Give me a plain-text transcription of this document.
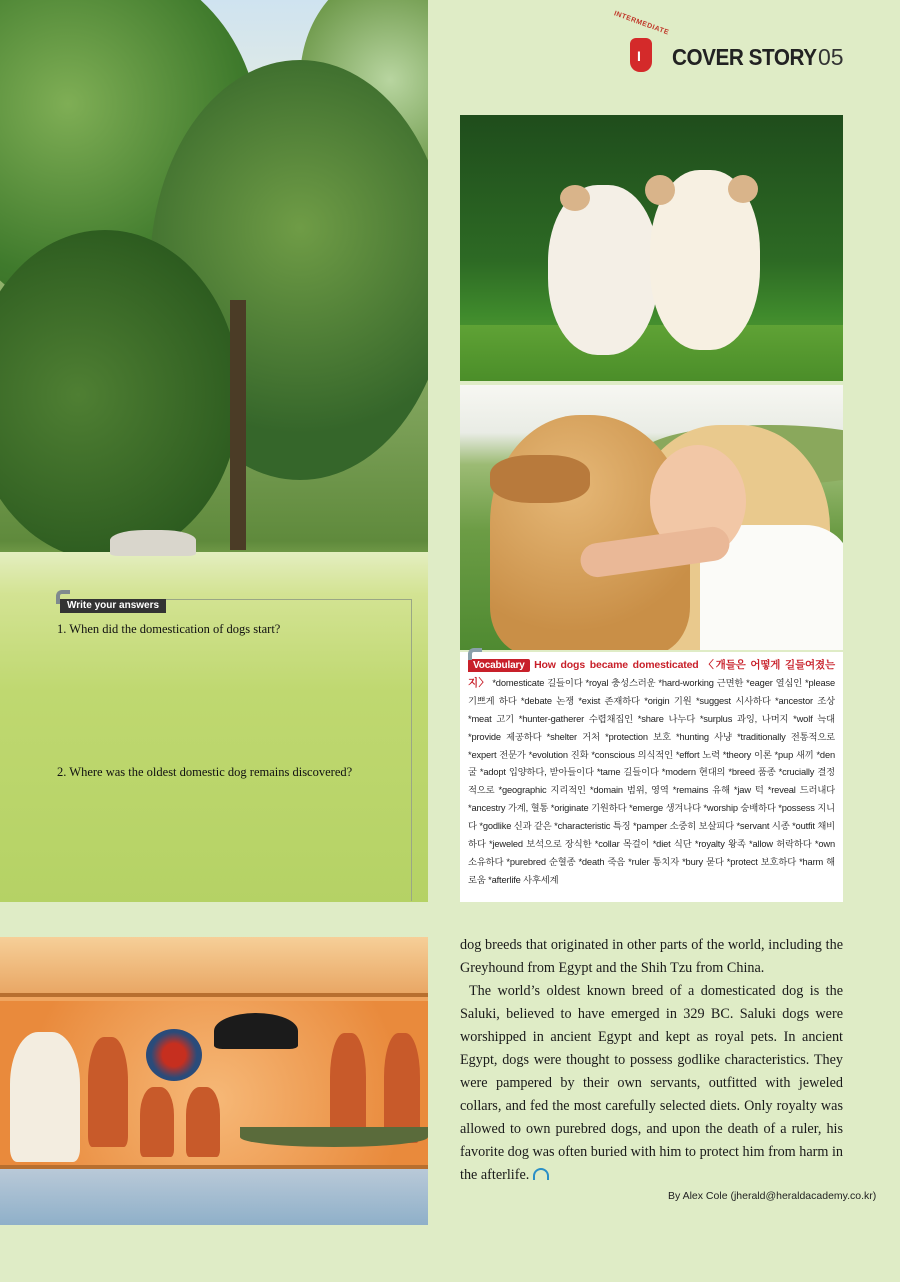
Write your answers
1. When did the domestication of dogs start?
2. Where was the oldest domestic dog remains discovered?
INTERMEDIATE
I
COVER STORY 05
Vocabulary How dogs became domesticated 〈개들은 어떻게 길들여졌는지〉 *domesticate 길들이다 *royal 충성스러운 *hard-working 근면한 *eager 열심인 *please 기쁘게 하다 *debate 논쟁 *exist 존재하다 *origin 기원 *suggest 시사하다 *ancestor 조상 *meat 고기 *hunter-gatherer 수렵채집인 *share 나누다 *surplus 과잉, 나머지 *wolf 늑대 *provide 제공하다 *shelter 거처 *protection 보호 *hunting 사냥 *traditionally 전통적으로 *expert 전문가 *evolution 진화 *conscious 의식적인 *effort 노력 *theory 이론 *pup 새끼 *den 굴 *adopt 입양하다, 받아들이다 *tame 길들이다 *modern 현대의 *breed 품종 *crucially 결정적으로 *geographic 지리적인 *domain 범위, 영역 *remains 유해 *jaw 턱 *reveal 드러내다 *ancestry 가계, 혈통 *originate 기원하다 *emerge 생겨나다 *worship 숭배하다 *possess 지니다 *godlike 신과 같은 *characteristic 특징 *pamper 소중히 보살피다 *servant 시종 *outfit 채비하다 *jeweled 보석으로 장식한 *collar 목걸이 *diet 식단 *royalty 왕족 *allow 허락하다 *own 소유하다 *purebred 순혈종 *death 죽음 *ruler 통치자 *bury 묻다 *protect 보호하다 *harm 해로움 *afterlife 사후세계

dog breeds that originated in other parts of the world, including the Greyhound from Egypt and the Shih Tzu from China.

The world’s oldest known breed of a domesticated dog is the Saluki, believed to have emerged in 329 BC. Saluki dogs were worshipped in ancient Egypt and kept as royal pets. In ancient Egypt, dogs were thought to possess godlike characteristics. They were pampered by their own servants, outfitted with jeweled collars, and fed the most carefully selected diets. Only royalty was allowed to own purebred dogs, and upon the death of a ruler, his favorite dog was often buried with him to protect him from harm in the afterlife.

By Alex Cole (jherald@heraldacademy.co.kr)
